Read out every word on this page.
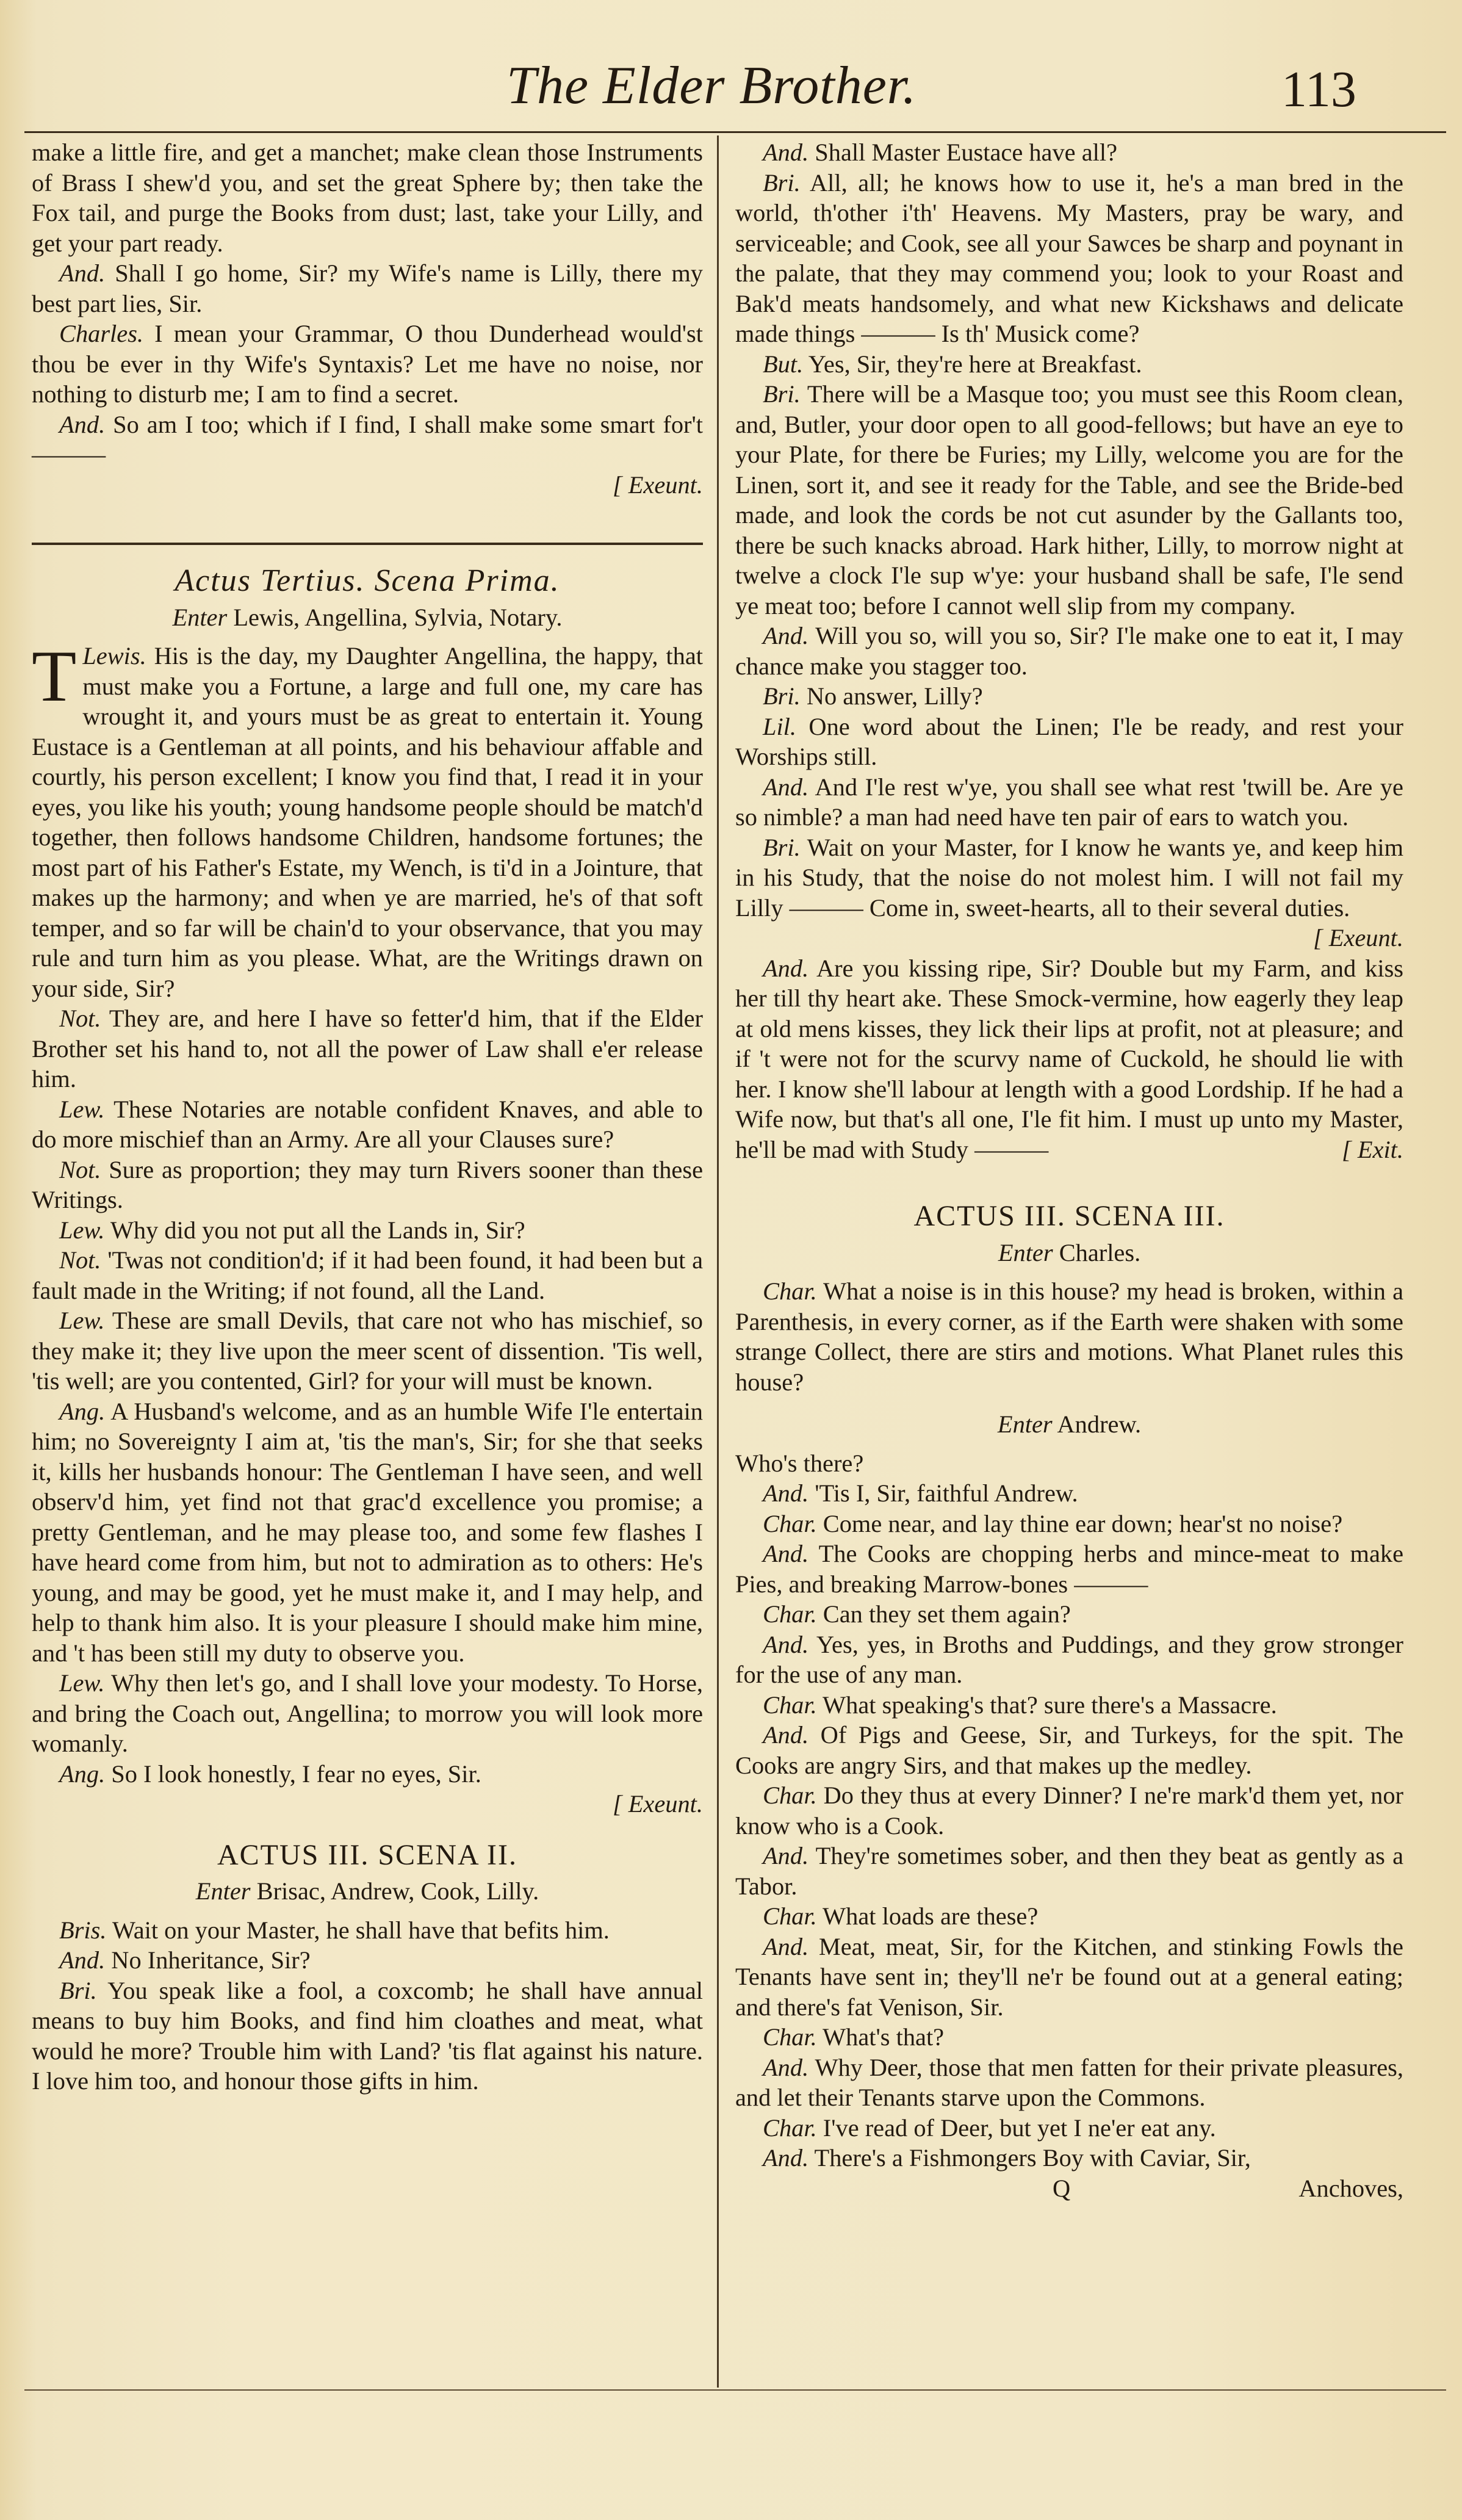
The Elder Brother.	113

make a little fire, and get a manchet; make clean those Instruments of Brass I shew'd you, and set the great Sphere by; then take the Fox tail, and purge the Books from dust; last, take your Lilly, and get your part ready.

And. Shall I go home, Sir? my Wife's name is Lilly, there my best part lies, Sir.

Charles. I mean your Grammar, O thou Dunderhead would'st thou be ever in thy Wife's Syntaxis? Let me have no noise, nor nothing to disturb me; I am to find a secret.

And. So am I too; which if I find, I shall make some smart for't ———

[ Exeunt.

Actus Tertius. Scena Prima.

Enter Lewis, Angellina, Sylvia, Notary.

Lewis.
T	His is the day, my Daughter Angellina, the happy, that must make you a Fortune, a large and full one, my care has wrought it, and yours must be as great to entertain it. Young Eustace is a Gentleman at all points, and his behaviour affable and courtly, his person excellent; I know you find that, I read it in your eyes, you like his youth; young handsome people should be match'd together, then follows handsome Children, handsome fortunes; the most part of his Father's Estate, my Wench, is ti'd in a Jointure, that makes up the harmony; and when ye are married, he's of that soft temper, and so far will be chain'd to your observance, that you may rule and turn him as you please. What, are the Writings drawn on your side, Sir?

Not. They are, and here I have so fetter'd him, that if the Elder Brother set his hand to, not all the power of Law shall e'er release him.

Lew. These Notaries are notable confident Knaves, and able to do more mischief than an Army. Are all your Clauses sure?

Not. Sure as proportion; they may turn Rivers sooner than these Writings.

Lew. Why did you not put all the Lands in, Sir?

Not. 'Twas not condition'd; if it had been found, it had been but a fault made in the Writing; if not found, all the Land.

Lew. These are small Devils, that care not who has mischief, so they make it; they live upon the meer scent of dissention. 'Tis well, 'tis well; are you contented, Girl? for your will must be known.

Ang. A Husband's welcome, and as an humble Wife I'le entertain him; no Sovereignty I aim at, 'tis the man's, Sir; for she that seeks it, kills her husbands honour: The Gentleman I have seen, and well observ'd him, yet find not that grac'd excellence you promise; a pretty Gentleman, and he may please too, and some few flashes I have heard come from him, but not to admiration as to others: He's young, and may be good, yet he must make it, and I may help, and help to thank him also. It is your pleasure I should make him mine, and 't has been still my duty to observe you.

Lew. Why then let's go, and I shall love your modesty. To Horse, and bring the Coach out, Angellina; to morrow you will look more womanly.

Ang. So I look honestly, I fear no eyes, Sir.

[ Exeunt.

ACTUS III. SCENA II.

Enter Brisac, Andrew, Cook, Lilly.

Bris. Wait on your Master, he shall have that befits him.

And. No Inheritance, Sir?

Bri. You speak like a fool, a coxcomb; he shall have annual means to buy him Books, and find him cloathes and meat, what would he more? Trouble him with Land? 'tis flat against his nature. I love him too, and honour those gifts in him.

And. Shall Master Eustace have all?

Bri. All, all; he knows how to use it, he's a man bred in the world, th'other i'th' Heavens. My Masters, pray be wary, and serviceable; and Cook, see all your Sawces be sharp and poynant in the palate, that they may commend you; look to your Roast and Bak'd meats handsomely, and what new Kickshaws and delicate made things ——— Is th' Musick come?

But. Yes, Sir, they're here at Breakfast.

Bri. There will be a Masque too; you must see this Room clean, and, Butler, your door open to all good-fellows; but have an eye to your Plate, for there be Furies; my Lilly, welcome you are for the Linen, sort it, and see it ready for the Table, and see the Bride-bed made, and look the cords be not cut asunder by the Gallants too, there be such knacks abroad. Hark hither, Lilly, to morrow night at twelve a clock I'le sup w'ye: your husband shall be safe, I'le send ye meat too; before I cannot well slip from my company.

And. Will you so, will you so, Sir? I'le make one to eat it, I may chance make you stagger too.

Bri. No answer, Lilly?

Lil. One word about the Linen; I'le be ready, and rest your Worships still.

And. And I'le rest w'ye, you shall see what rest 'twill be. Are ye so nimble? a man had need have ten pair of ears to watch you.

Bri. Wait on your Master, for I know he wants ye, and keep him in his Study, that the noise do not molest him. I will not fail my Lilly ——— Come in, sweet-hearts, all to their several duties.

[ Exeunt.

And. Are you kissing ripe, Sir? Double but my Farm, and kiss her till thy heart ake. These Smock-vermine, how eagerly they leap at old mens kisses, they lick their lips at profit, not at pleasure; and if 't were not for the scurvy name of Cuckold, he should lie with her. I know she'll labour at length with a good Lordship. If he had a Wife now, but that's all one, I'le fit him. I must up unto my Master, he'll be mad with Study ———	[ Exit.

ACTUS III. SCENA III.

Enter Charles.

Char. What a noise is in this house? my head is broken, within a Parenthesis, in every corner, as if the Earth were shaken with some strange Collect, there are stirs and motions. What Planet rules this house?

Enter Andrew.

Who's there?

And. 'Tis I, Sir, faithful Andrew.

Char. Come near, and lay thine ear down; hear'st no noise?

And. The Cooks are chopping herbs and mince-meat to make Pies, and breaking Marrow-bones ———

Char. Can they set them again?

And. Yes, yes, in Broths and Puddings, and they grow stronger for the use of any man.

Char. What speaking's that? sure there's a Massacre.

And. Of Pigs and Geese, Sir, and Turkeys, for the spit. The Cooks are angry Sirs, and that makes up the medley.

Char. Do they thus at every Dinner? I ne're mark'd them yet, nor know who is a Cook.

And. They're sometimes sober, and then they beat as gently as a Tabor.

Char. What loads are these?

And. Meat, meat, Sir, for the Kitchen, and stinking Fowls the Tenants have sent in; they'll ne'r be found out at a general eating; and there's fat Venison, Sir.

Char. What's that?

And. Why Deer, those that men fatten for their private pleasures, and let their Tenants starve upon the Commons.

Char. I've read of Deer, but yet I ne'er eat any.

And. There's a Fishmongers Boy with Caviar, Sir,

Q	Anchoves,
